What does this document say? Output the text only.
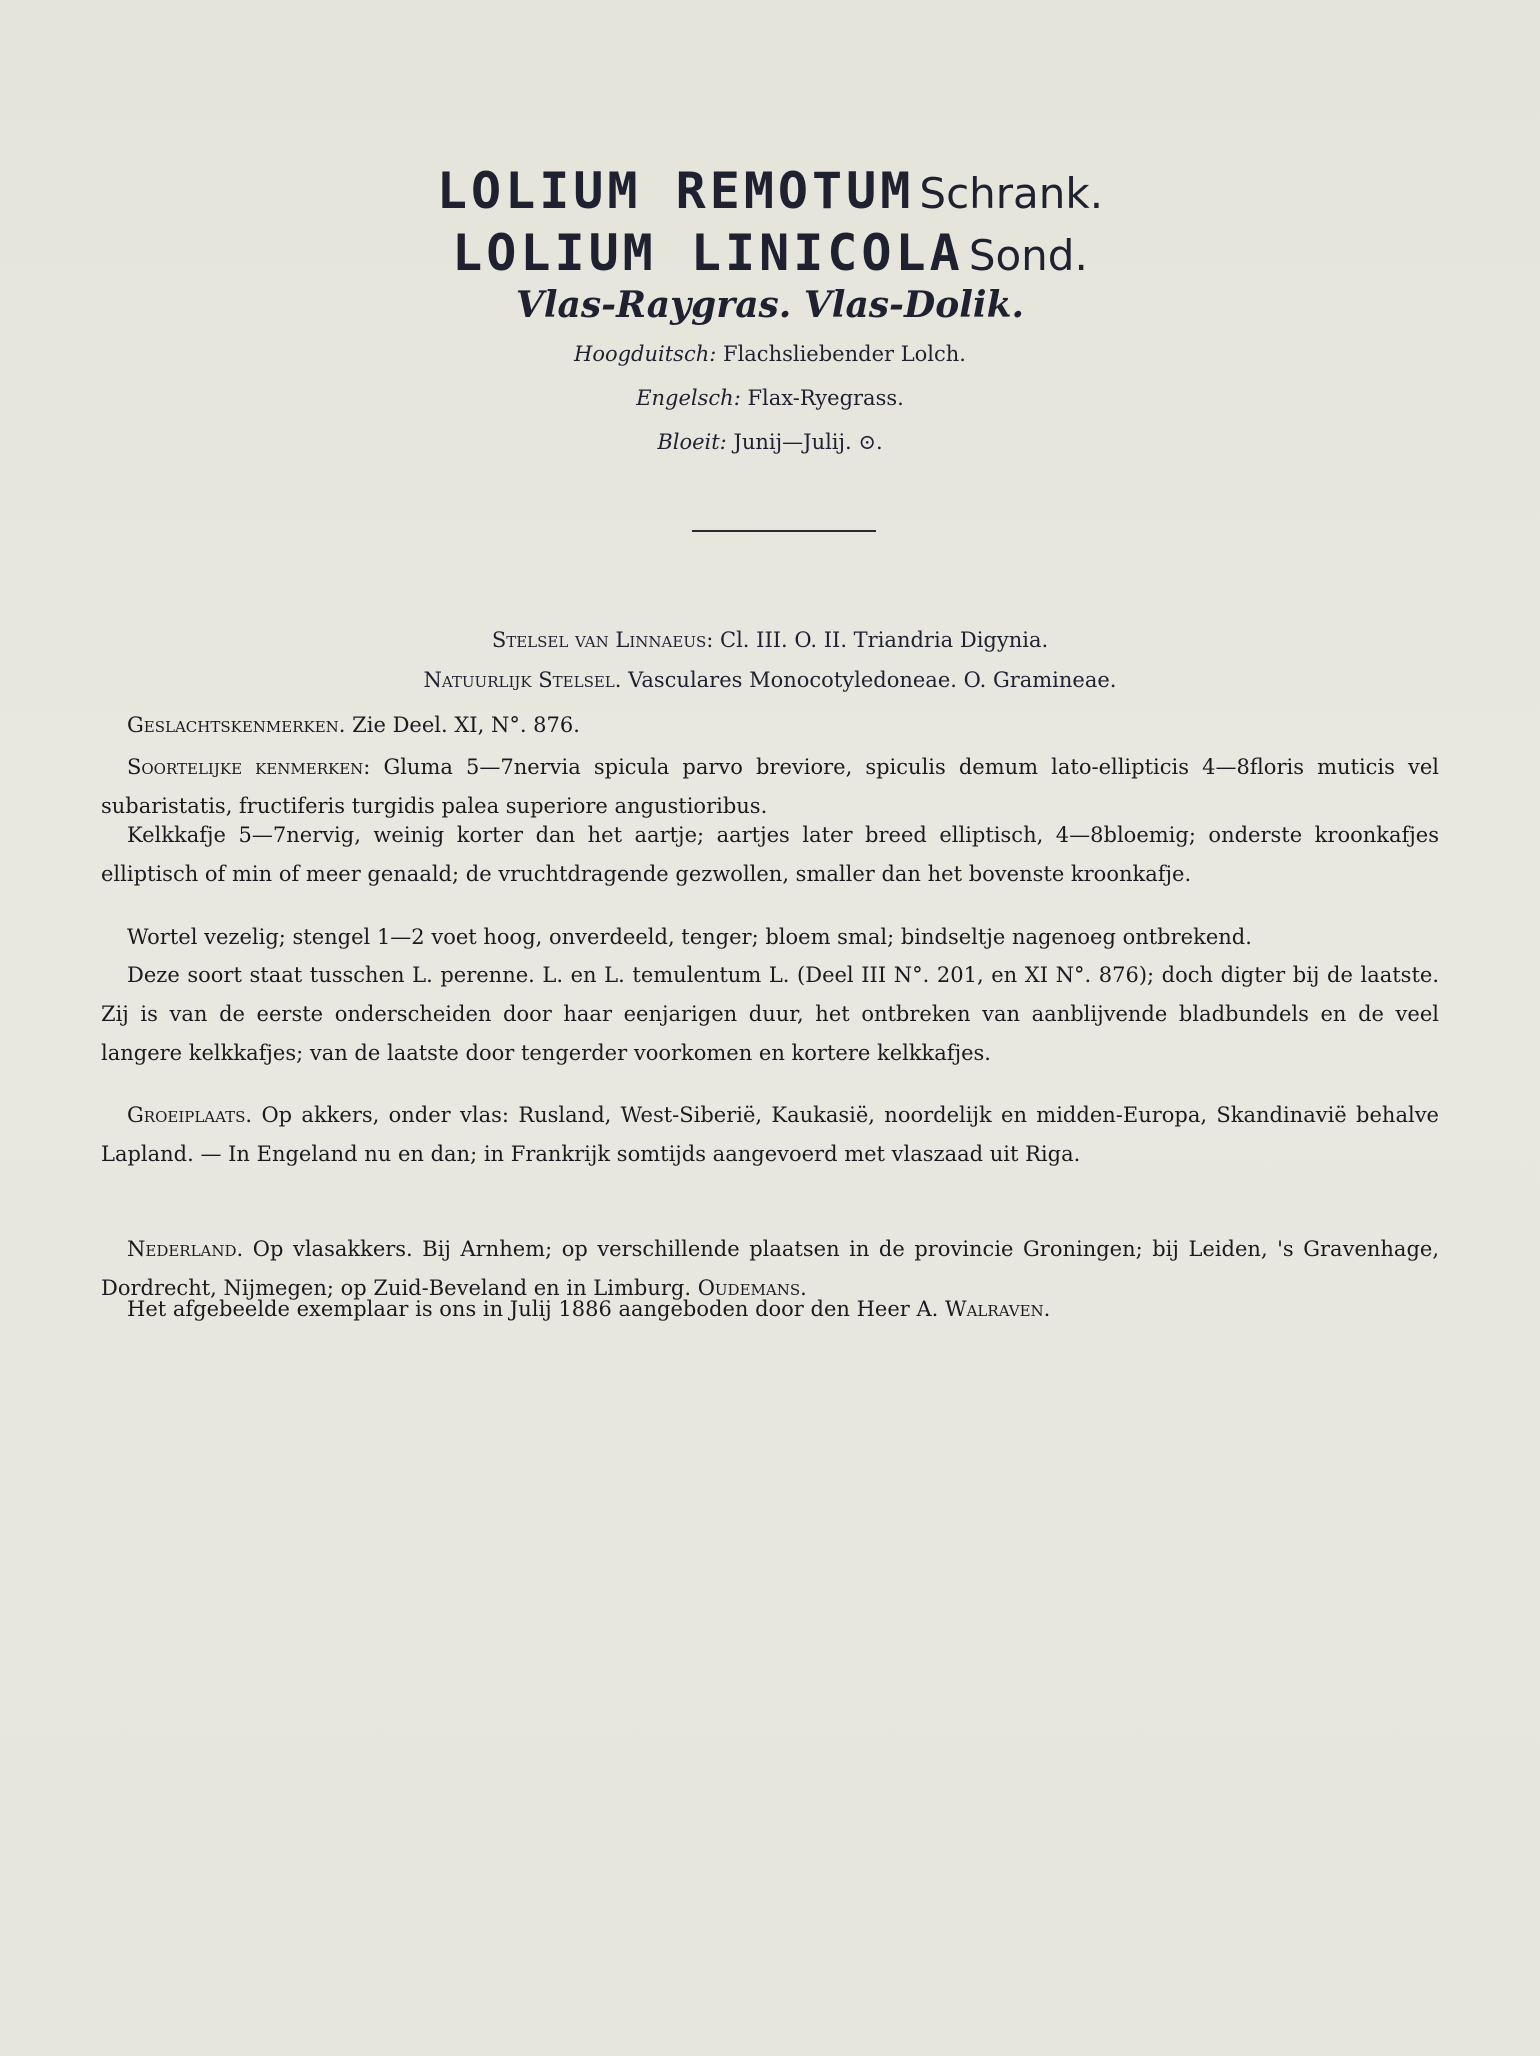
LOLIUM REMOTUM Schrank.
LOLIUM LINICOLA Sond.
Vlas-Raygras. Vlas-Dolik.
Hoogduitsch: Flachsliebender Lolch.
Engelsch: Flax-Ryegrass.
Bloeit: Junij—Julij. ⊙.
Stelsel van Linnaeus: Cl. III. O. II. Triandria Digynia.
Natuurlijk Stelsel. Vasculares Monocotyledoneae. O. Gramineae.

Geslachtskenmerken. Zie Deel. XI, N°. 876.

Soortelijke kenmerken: Gluma 5—7nervia spicula parvo breviore, spiculis demum lato-ellipticis 4—8floris muticis vel subaristatis, fructiferis turgidis palea superiore angustioribus.

Kelkkafje 5—7nervig, weinig korter dan het aartje; aartjes later breed elliptisch, 4—8bloemig; onderste kroonkafjes elliptisch of min of meer genaald; de vruchtdragende gezwollen, smaller dan het bovenste kroonkafje.

Wortel vezelig; stengel 1—2 voet hoog, onverdeeld, tenger; bloem smal; bindseltje nagenoeg ontbrekend.

Deze soort staat tusschen L. perenne. L. en L. temulentum L. (Deel III N°. 201, en XI N°. 876); doch digter bij de laatste. Zij is van de eerste onderscheiden door haar eenjarigen duur, het ontbreken van aanblijvende bladbundels en de veel langere kelkkafjes; van de laatste door tengerder voorkomen en kortere kelkkafjes.

Groeiplaats. Op akkers, onder vlas: Rusland, West-Siberië, Kaukasië, noordelijk en midden-Europa, Skandinavië behalve Lapland. — In Engeland nu en dan; in Frankrijk somtijds aangevoerd met vlaszaad uit Riga.

Nederland. Op vlasakkers. Bij Arnhem; op verschillende plaatsen in de provincie Groningen; bij Leiden, 's Gravenhage, Dordrecht, Nijmegen; op Zuid-Beveland en in Limburg. Oudemans.

Het afgebeelde exemplaar is ons in Julij 1886 aangeboden door den Heer A. Walraven.
